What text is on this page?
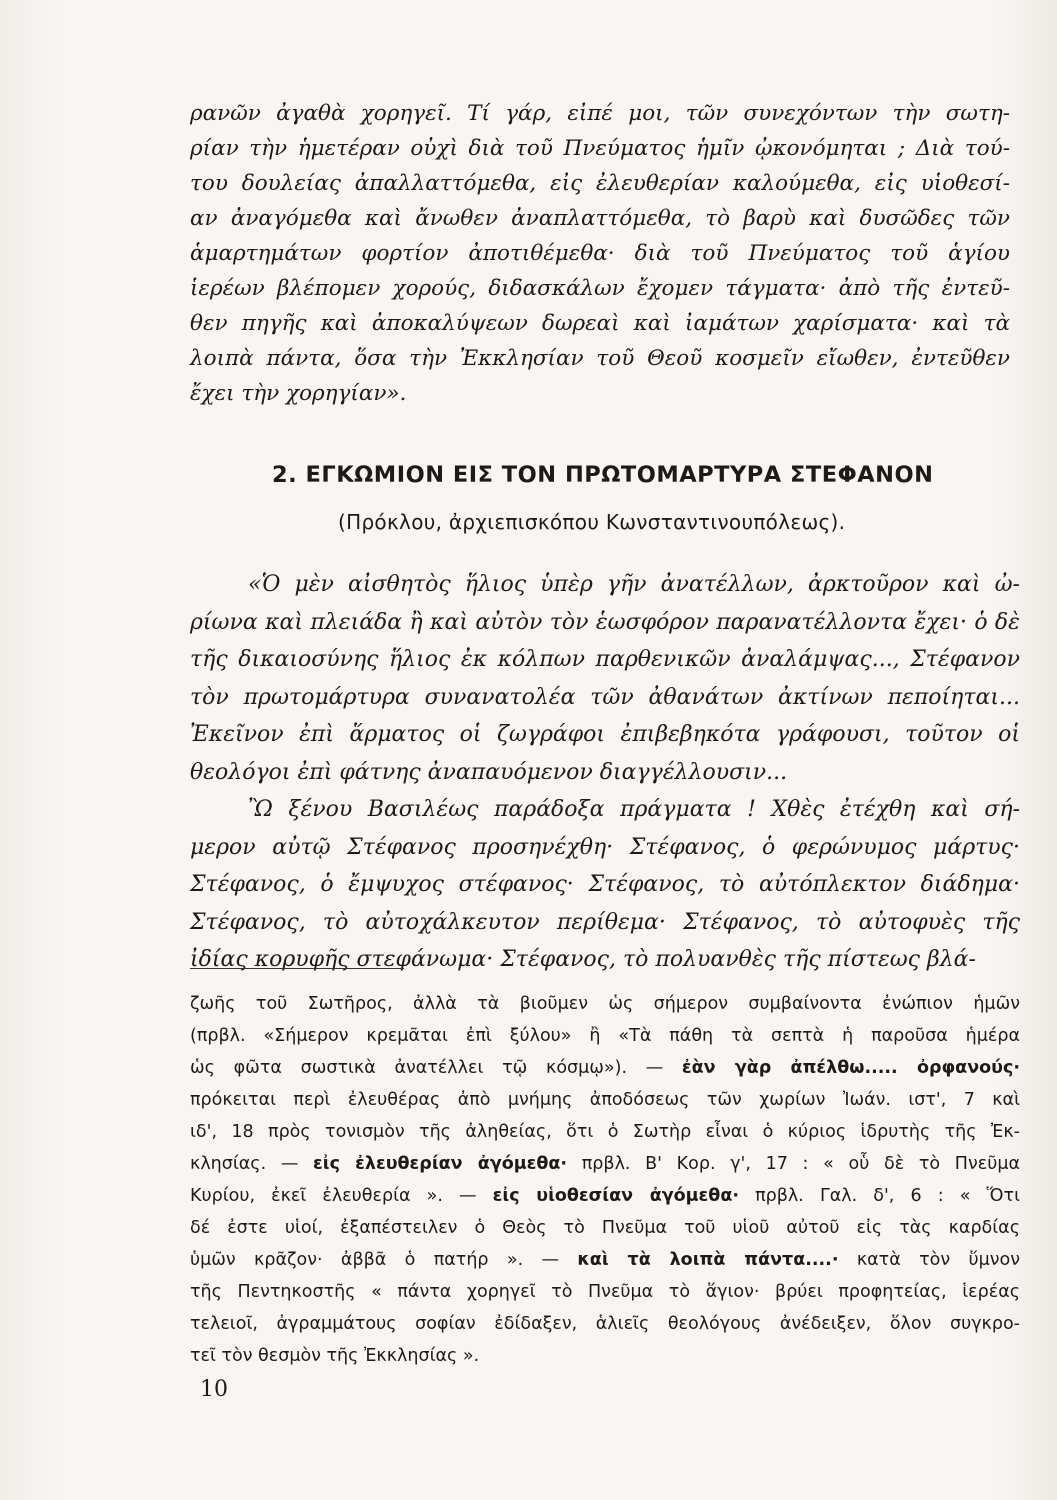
ρανῶν ἀγαθὰ χορηγεῖ. Τί γάρ, εἰπέ μοι, τῶν συνεχόντων τὴν σωτη-
ρίαν τὴν ἡμετέραν οὐχὶ διὰ τοῦ Πνεύματος ἡμῖν ᾠκονόμηται ; Διὰ τού-
του δουλείας ἀπαλλαττόμεθα, εἰς ἐλευθερίαν καλούμεθα, εἰς υἱοθεσί-
αν ἀναγόμεθα καὶ ἄνωθεν ἀναπλαττόμεθα, τὸ βαρὺ καὶ δυσῶδες τῶν
ἁμαρτημάτων φορτίον ἀποτιθέμεθα· διὰ τοῦ Πνεύματος τοῦ ἁγίου
ἱερέων βλέπομεν χορούς, διδασκάλων ἔχομεν τάγματα· ἀπὸ τῆς ἐντεῦ-
θεν πηγῆς καὶ ἀποκαλύψεων δωρεαὶ καὶ ἰαμάτων χαρίσματα· καὶ τὰ
λοιπὰ πάντα, ὅσα τὴν Ἐκκλησίαν τοῦ Θεοῦ κοσμεῖν εἴωθεν, ἐντεῦθεν
ἔχει τὴν χορηγίαν».
2. ΕΓΚΩΜΙΟΝ ΕΙΣ ΤΟΝ ΠΡΩΤΟΜΑΡΤΥΡΑ ΣΤΕΦΑΝΟΝ
(Πρόκλου, ἀρχιεπισκόπου Κωνσταντινουπόλεως).
«Ὁ μὲν αἰσθητὸς ἥλιος ὑπὲρ γῆν ἀνατέλλων, ἀρκτοῦρον καὶ ὠ-
ρίωνα καὶ πλειάδα ἢ καὶ αὐτὸν τὸν ἑωσφόρον παρανατέλλοντα ἔχει· ὁ δὲ
τῆς δικαιοσύνης ἥλιος ἐκ κόλπων παρθενικῶν ἀναλάμψας..., Στέφανον
τὸν πρωτομάρτυρα συνανατολέα τῶν ἀθανάτων ἀκτίνων πεποίηται...
Ἐκεῖνον ἐπὶ ἅρματος οἱ ζωγράφοι ἐπιβεβηκότα γράφουσι, τοῦτον οἱ
θεολόγοι ἐπὶ φάτνης ἀναπαυόμενον διαγγέλλουσιν...
Ὢ ξένου Βασιλέως παράδοξα πράγματα ! Χθὲς ἐτέχθη καὶ σή-
μερον αὐτῷ Στέφανος προσηνέχθη· Στέφανος, ὁ φερώνυμος μάρτυς·
Στέφανος, ὁ ἔμψυχος στέφανος· Στέφανος, τὸ αὐτόπλεκτον διάδημα·
Στέφανος, τὸ αὐτοχάλκευτον περίθεμα· Στέφανος, τὸ αὐτοφυὲς τῆς
ἰδίας κορυφῆς στεφάνωμα· Στέφανος, τὸ πολυανθὲς τῆς πίστεως βλά-
ζωῆς τοῦ Σωτῆρος, ἀλλὰ τὰ βιοῦμεν ὡς σήμερον συμβαίνοντα ἐνώπιον ἡμῶν
(πρβλ. «Σήμερον κρεμᾶται ἐπὶ ξύλου» ἢ «Τὰ πάθη τὰ σεπτὰ ἡ παροῦσα ἡμέρα
ὡς φῶτα σωστικὰ ἀνατέλλει τῷ κόσμῳ»). — ἐὰν γὰρ ἀπέλθω..... ὀρφανούς·
πρόκειται περὶ ἐλευθέρας ἀπὸ μνήμης ἀποδόσεως τῶν χωρίων Ἰωάν. ιστ', 7 καὶ
ιδ', 18 πρὸς τονισμὸν τῆς ἀληθείας, ὅτι ὁ Σωτὴρ εἶναι ὁ κύριος ἱδρυτὴς τῆς Ἐκ-
κλησίας. — εἰς ἐλευθερίαν ἀγόμεθα· πρβλ. Β' Κορ. γ', 17 : « οὗ δὲ τὸ Πνεῦμα
Κυρίου, ἐκεῖ ἐλευθερία ». — εἰς υἱοθεσίαν ἀγόμεθα· πρβλ. Γαλ. δ', 6 : « Ὅτι
δέ ἐστε υἱοί, ἐξαπέστειλεν ὁ Θεὸς τὸ Πνεῦμα τοῦ υἱοῦ αὐτοῦ εἰς τὰς καρδίας
ὑμῶν κρᾶζον· ἀββᾶ ὁ πατήρ ». — καὶ τὰ λοιπὰ πάντα....· κατὰ τὸν ὕμνον
τῆς Πεντηκοστῆς « πάντα χορηγεῖ τὸ Πνεῦμα τὸ ἅγιον· βρύει προφητείας, ἱερέας
τελειοῖ, ἀγραμμάτους σοφίαν ἐδίδαξεν, ἁλιεῖς θεολόγους ἀνέδειξεν, ὅλον συγκρο-
τεῖ τὸν θεσμὸν τῆς Ἐκκλησίας ».
10
